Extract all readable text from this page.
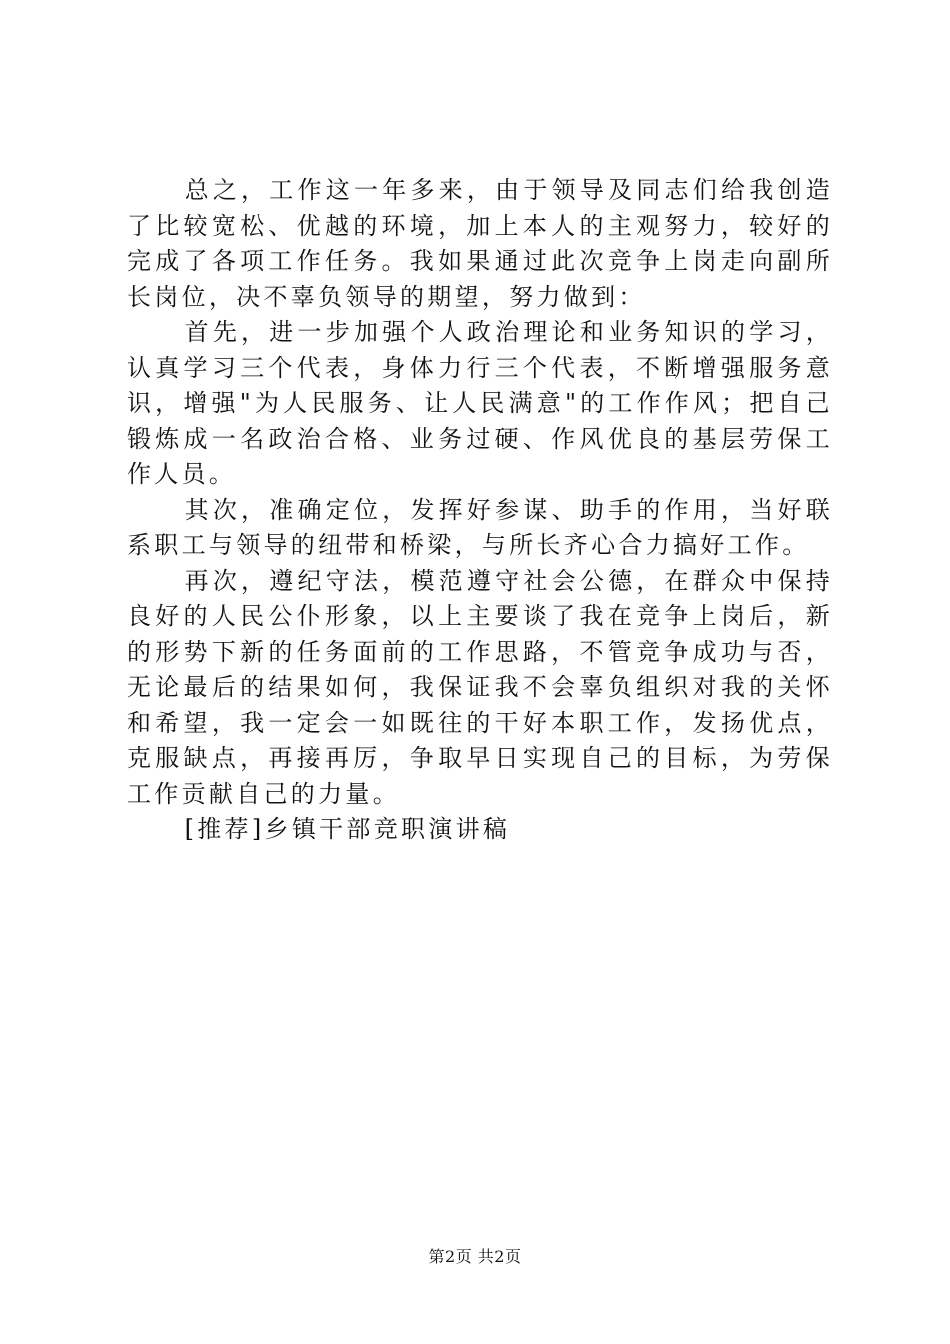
总之，工作这一年多来，由于领导及同志们给我创造了比较宽松、优越的环境，加上本人的主观努力，较好的完成了各项工作任务。我如果通过此次竞争上岗走向副所长岗位，决不辜负领导的期望，努力做到：

首先，进一步加强个人政治理论和业务知识的学习，认真学习三个代表，身体力行三个代表，不断增强服务意识，增强"为人民服务、让人民满意"的工作作风；把自己锻炼成一名政治合格、业务过硬、作风优良的基层劳保工作人员。

其次，准确定位，发挥好参谋、助手的作用，当好联系职工与领导的纽带和桥梁，与所长齐心合力搞好工作。

再次，遵纪守法，模范遵守社会公德，在群众中保持良好的人民公仆形象，以上主要谈了我在竞争上岗后，新的形势下新的任务面前的工作思路，不管竞争成功与否，无论最后的结果如何，我保证我不会辜负组织对我的关怀和希望，我一定会一如既往的干好本职工作，发扬优点，克服缺点，再接再厉，争取早日实现自己的目标，为劳保工作贡献自己的力量。

[推荐]乡镇干部竞职演讲稿

第2页 共2页
